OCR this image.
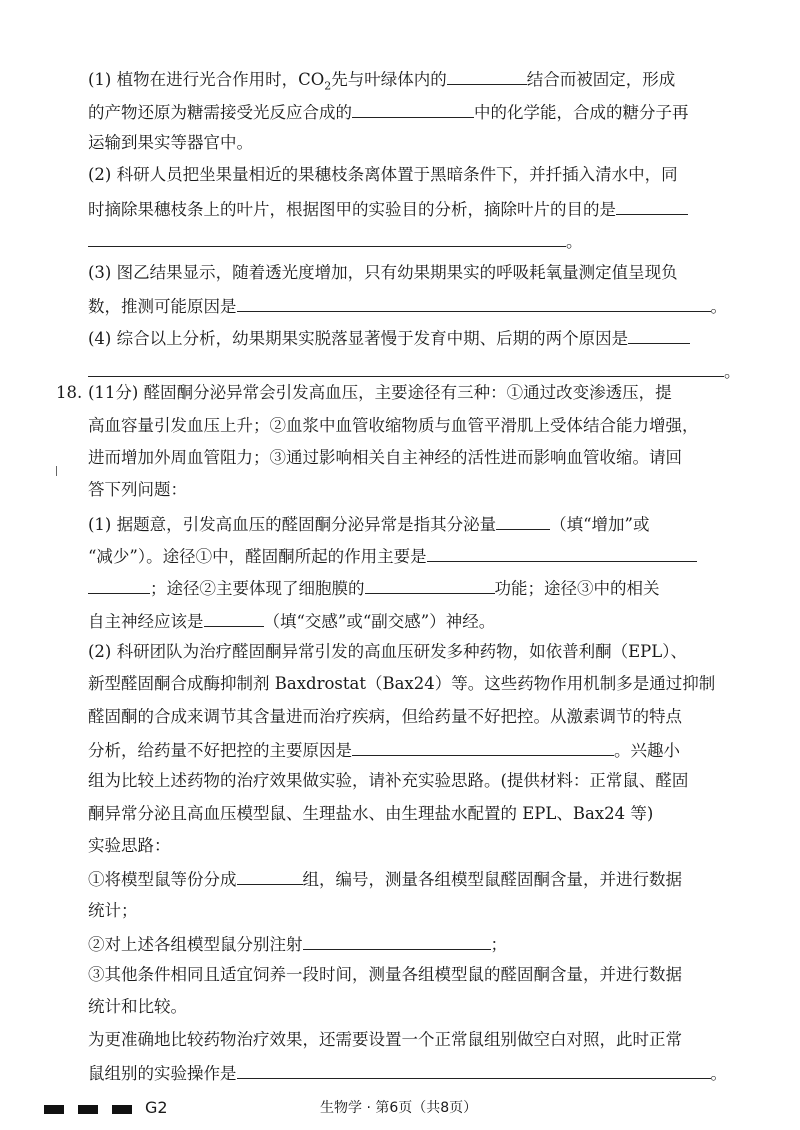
(1) 植物在进行光合作用时，$CO_2$先与叶绿体内的	结合而被固定，形成
的产物还原为糖需接受光反应合成的	中的化学能，合成的糖分子再
运输到果实等器官中。
(2) 科研人员把坐果量相近的果穗枝条离体置于黑暗条件下，并扦插入清水中，同
时摘除果穗枝条上的叶片，根据图甲的实验目的分析，摘除叶片的目的是
。
(3) 图乙结果显示，随着透光度增加，只有幼果期果实的呼吸耗氧量测定值呈现负
数，推测可能原因是	。
(4) 综合以上分析，幼果期果实脱落显著慢于发育中期、后期的两个原因是
。
18. (11分) 醛固酮分泌异常会引发高血压，主要途径有三种：①通过改变渗透压，提
高血容量引发血压上升；②血浆中血管收缩物质与血管平滑肌上受体结合能力增强，
进而增加外周血管阻力；③通过影响相关自主神经的活性进而影响血管收缩。请回
答下列问题：
(1) 据题意，引发高血压的醛固酮分泌异常是指其分泌量	（填“增加”或
“减少”）。途径①中，醛固酮所起的作用主要是
；途径②主要体现了细胞膜的	功能；途径③中的相关
自主神经应该是	（填“交感”或“副交感”）神经。
(2) 科研团队为治疗醛固酮异常引发的高血压研发多种药物，如依普利酮（EPL）、
新型醛固酮合成酶抑制剂 Baxdrostat（Bax24）等。这些药物作用机制多是通过抑制
醛固酮的合成来调节其含量进而治疗疾病，但给药量不好把控。从激素调节的特点
分析，给药量不好把控的主要原因是	。兴趣小
组为比较上述药物的治疗效果做实验，请补充实验思路。(提供材料：正常鼠、醛固
酮异常分泌且高血压模型鼠、生理盐水、由生理盐水配置的 EPL、Bax24 等)
实验思路：
①将模型鼠等份分成	组，编号，测量各组模型鼠醛固酮含量，并进行数据
统计；
②对上述各组模型鼠分别注射	；
③其他条件相同且适宜饲养一段时间，测量各组模型鼠的醛固酮含量，并进行数据
统计和比较。
为更准确地比较药物治疗效果，还需要设置一个正常鼠组别做空白对照，此时正常
鼠组别的实验操作是	。
G2	生物学 · 第6页（共8页）
